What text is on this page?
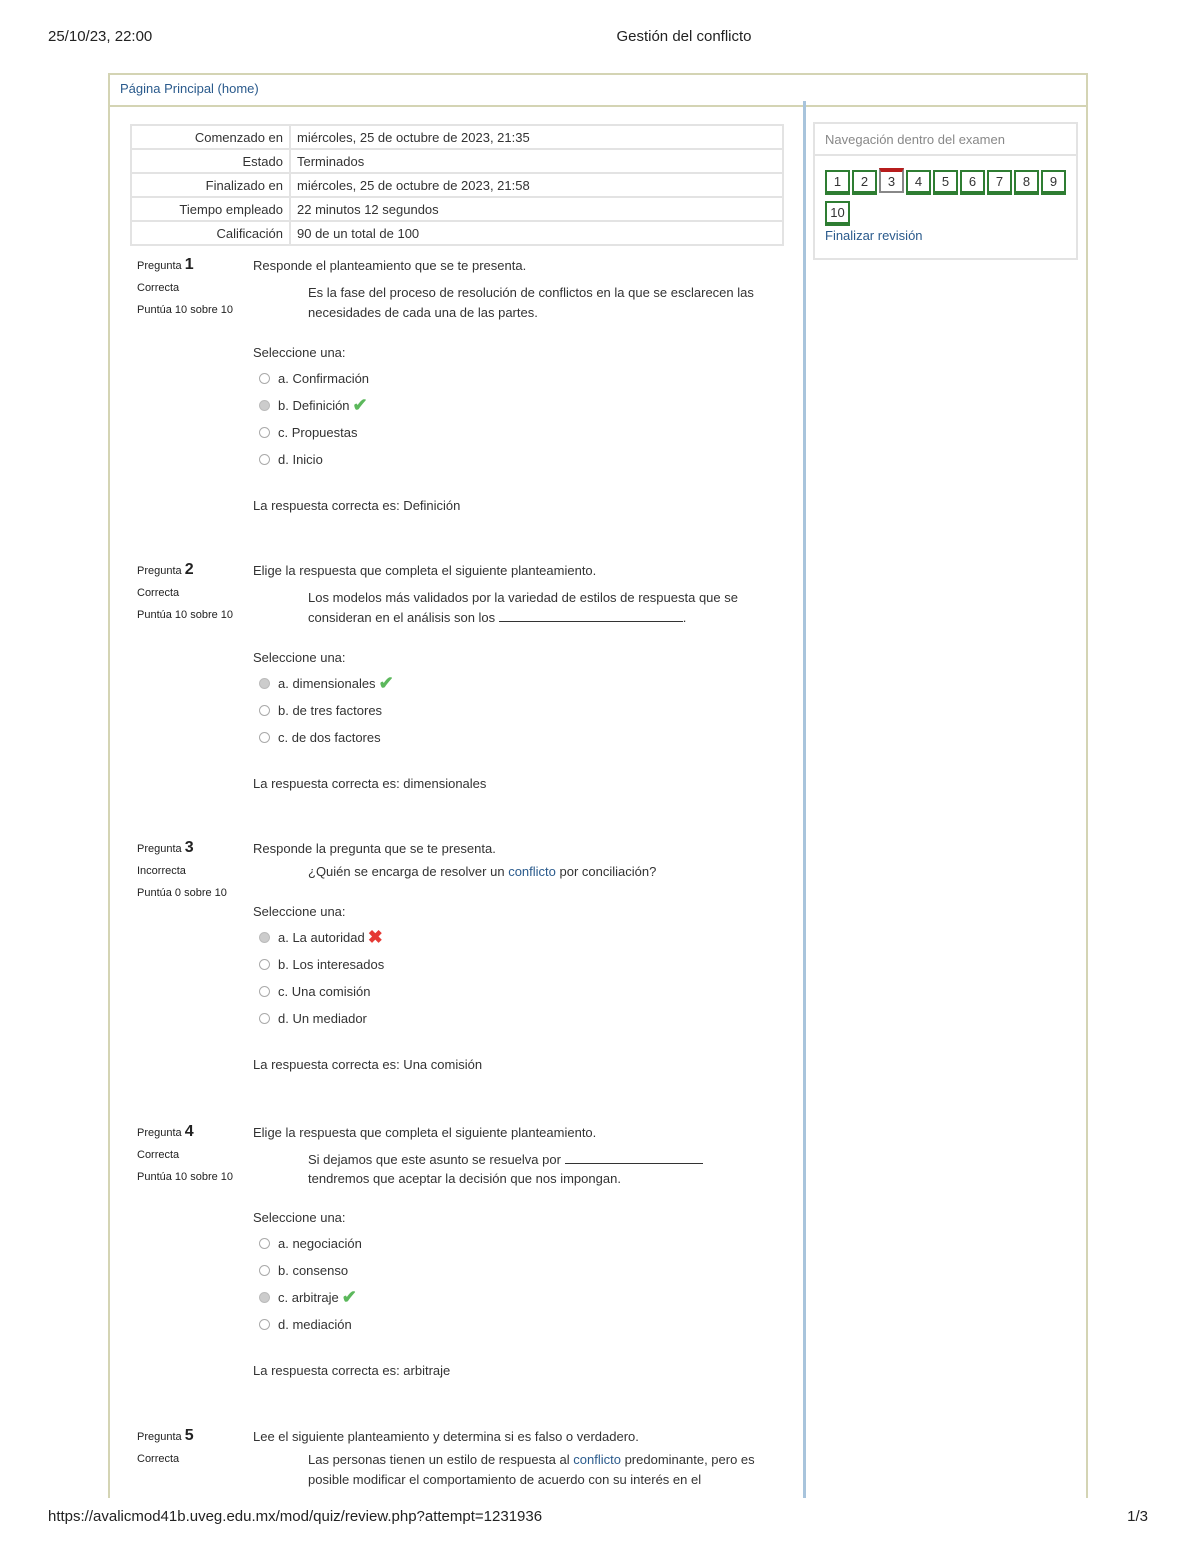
25/10/23, 22:00	Gestión del conflicto
Página Principal (home)
Comenzado en	miércoles, 25 de octubre de 2023, 21:35
Estado	Terminados
Finalizado en	miércoles, 25 de octubre de 2023, 21:58
Tiempo empleado	22 minutos 12 segundos
Calificación	90 de un total de 100
Navegación dentro del examen
1 2 3 4 5 6 7 8 910
Finalizar revisión
Pregunta 1
Correcta
Puntúa 10 sobre 10
Responde el planteamiento que se te presenta.
Es la fase del proceso de resolución de conflictos en la que se esclarecen las necesidades de cada una de las partes.
Seleccione una:
a. Confirmación
b. Definición ✔
c. Propuestas
d. Inicio
La respuesta correcta es: Definición
Pregunta 2
Correcta
Puntúa 10 sobre 10
Elige la respuesta que completa el siguiente planteamiento.
Los modelos más validados por la variedad de estilos de respuesta que se consideran en el análisis son los	.
Seleccione una:
a. dimensionales ✔
b. de tres factores
c. de dos factores
La respuesta correcta es: dimensionales
Pregunta 3
Incorrecta
Puntúa 0 sobre 10
Responde la pregunta que se te presenta.
¿Quién se encarga de resolver un conflicto por conciliación?
Seleccione una:
a. La autoridad ✖
b. Los interesados
c. Una comisión
d. Un mediador
La respuesta correcta es: Una comisión
Pregunta 4
Correcta
Puntúa 10 sobre 10
Elige la respuesta que completa el siguiente planteamiento.
Si dejamos que este asunto se resuelva por
tendremos que aceptar la decisión que nos impongan.
Seleccione una:
a. negociación
b. consenso
c. arbitraje ✔
d. mediación
La respuesta correcta es: arbitraje
Pregunta 5
Correcta
Lee el siguiente planteamiento y determina si es falso o verdadero.
Las personas tienen un estilo de respuesta al conflicto predominante, pero es posible modificar el comportamiento de acuerdo con su interés en el
https://avalicmod41b.uveg.edu.mx/mod/quiz/review.php?attempt=1231936	1/3
